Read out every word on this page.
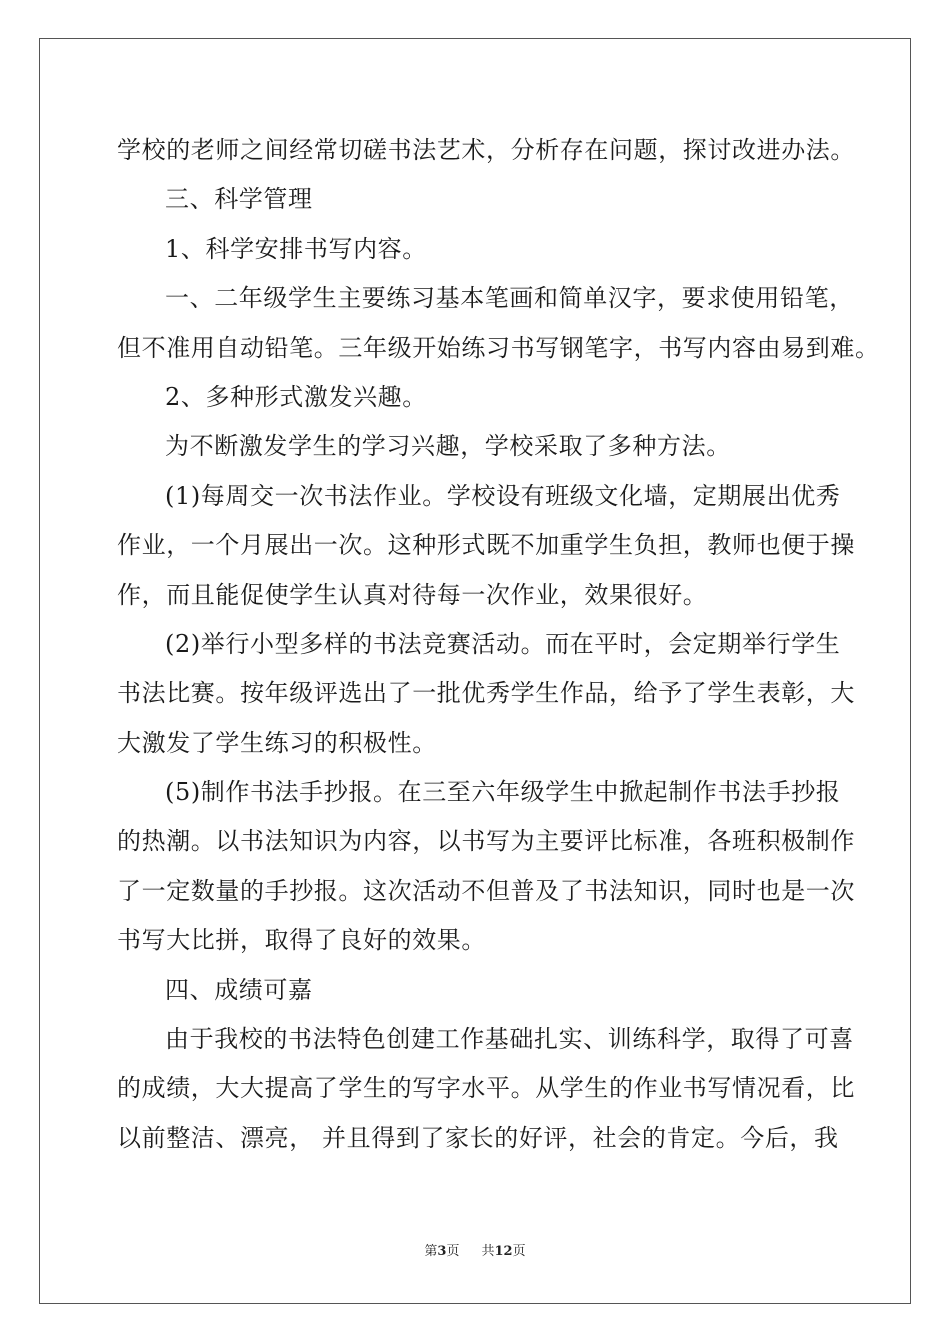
学校的老师之间经常切磋书法艺术，分析存在问题，探讨改进办法。
三、科学管理
1、科学安排书写内容。
一、二年级学生主要练习基本笔画和简单汉字，要求使用铅笔，
但不准用自动铅笔。三年级开始练习书写钢笔字，书写内容由易到难。
2、多种形式激发兴趣。
为不断激发学生的学习兴趣，学校采取了多种方法。
(1)每周交一次书法作业。学校设有班级文化墙，定期展出优秀
作业，一个月展出一次。这种形式既不加重学生负担，教师也便于操
作，而且能促使学生认真对待每一次作业，效果很好。
(2)举行小型多样的书法竞赛活动。而在平时，会定期举行学生
书法比赛。按年级评选出了一批优秀学生作品，给予了学生表彰，大
大激发了学生练习的积极性。
(5)制作书法手抄报。在三至六年级学生中掀起制作书法手抄报
的热潮。以书法知识为内容，以书写为主要评比标准，各班积极制作
了一定数量的手抄报。这次活动不但普及了书法知识，同时也是一次
书写大比拼，取得了良好的效果。
四、成绩可嘉
由于我校的书法特色创建工作基础扎实、训练科学，取得了可喜
的成绩，大大提高了学生的写字水平。从学生的作业书写情况看，比
以前整洁、漂亮， 并且得到了家长的好评，社会的肯定。今后，我
第3页 共12页
